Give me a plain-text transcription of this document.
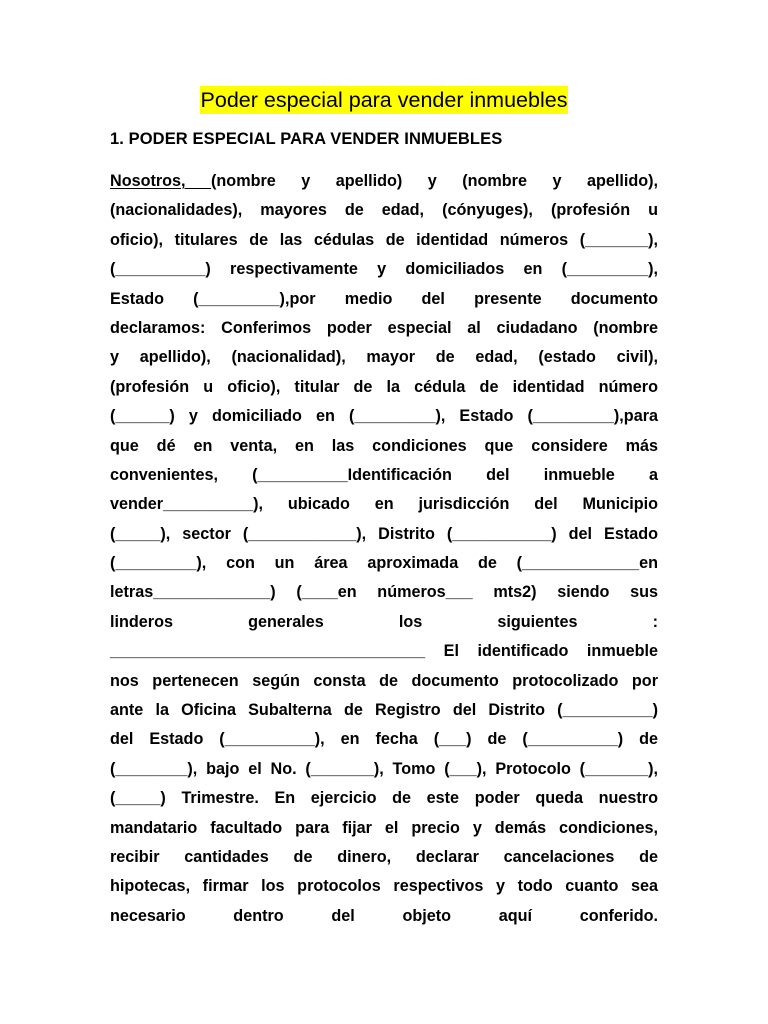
Poder especial para vender inmuebles
1. PODER ESPECIAL PARA VENDER INMUEBLES
Nosotros, (nombre y apellido) y (nombre y apellido),
(nacionalidades), mayores de edad, (cónyuges), (profesión u
oficio), titulares de las cédulas de identidad números (_______),
(__________) respectivamente y domiciliados en (_________),
Estado (_________),por medio del presente documento
declaramos: Conferimos poder especial al ciudadano (nombre
y apellido), (nacionalidad), mayor de edad, (estado civil),
(profesión u oficio), titular de la cédula de identidad número
(______) y domiciliado en (_________), Estado (_________),para
que dé en venta, en las condiciones que considere más
convenientes, (__________Identificación del inmueble a
vender__________), ubicado en jurisdicción del Municipio
(_____), sector (____________), Distrito (___________) del Estado
(_________), con un área aproximada de (_____________en
letras_____________) (____en números___ mts2) siendo sus
linderos generales los siguientes :
___________________________________ El identificado inmueble
nos pertenecen según consta de documento protocolizado por
ante la Oficina Subalterna de Registro del Distrito (__________)
del Estado (__________), en fecha (___) de (__________) de
(________), bajo el No. (_______), Tomo (___), Protocolo (_______),
(_____) Trimestre. En ejercicio de este poder queda nuestro
mandatario facultado para fijar el precio y demás condiciones,
recibir cantidades de dinero, declarar cancelaciones de
hipotecas, firmar los protocolos respectivos y todo cuanto sea
necesario dentro del objeto aquí conferido.
